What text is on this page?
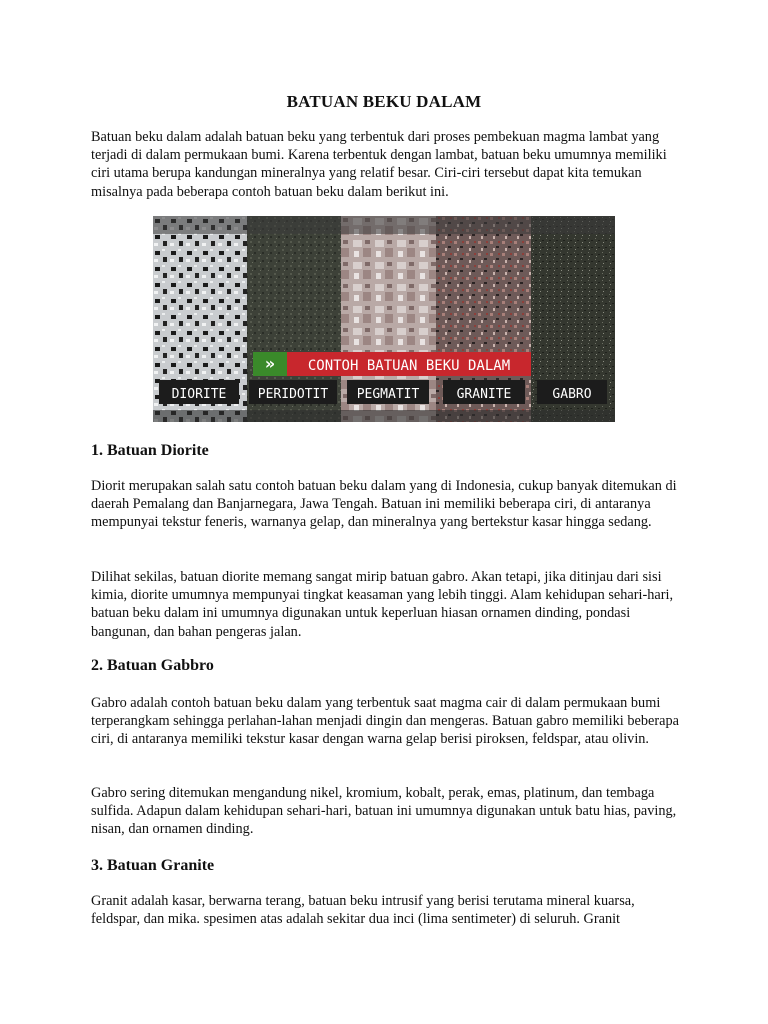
BATUAN BEKU DALAM

Batuan beku dalam adalah batuan beku yang terbentuk dari proses pembekuan magma lambat yang terjadi di dalam permukaan bumi. Karena terbentuk dengan lambat, batuan beku umumnya memiliki ciri utama berupa kandungan mineralnya yang relatif besar. Ciri-ciri tersebut dapat kita temukan misalnya pada beberapa contoh batuan beku dalam berikut ini.

» CONTOH BATUAN BEKU DALAM
DIORITE PERIDOTIT PEGMATIT	GRANITE	GABRO
1. Batuan Diorite

Diorit merupakan salah satu contoh batuan beku dalam yang di Indonesia, cukup banyak ditemukan di daerah Pemalang dan Banjarnegara, Jawa Tengah. Batuan ini memiliki beberapa ciri, di antaranya mempunyai tekstur feneris, warnanya gelap, dan mineralnya yang bertekstur kasar hingga sedang.

Dilihat sekilas, batuan diorite memang sangat mirip batuan gabro. Akan tetapi, jika ditinjau dari sisi kimia, diorite umumnya mempunyai tingkat keasaman yang lebih tinggi. Alam kehidupan sehari-hari, batuan beku dalam ini umumnya digunakan untuk keperluan hiasan ornamen dinding, pondasi bangunan, dan bahan pengeras jalan.

2. Batuan Gabbro

Gabro adalah contoh batuan beku dalam yang terbentuk saat magma cair di dalam permukaan bumi terperangkam sehingga perlahan-lahan menjadi dingin dan mengeras. Batuan gabro memiliki beberapa ciri, di antaranya memiliki tekstur kasar dengan warna gelap berisi piroksen, feldspar, atau olivin.

Gabro sering ditemukan mengandung nikel, kromium, kobalt, perak, emas, platinum, dan tembaga sulfida. Adapun dalam kehidupan sehari-hari, batuan ini umumnya digunakan untuk batu hias, paving, nisan, dan ornamen dinding.

3. Batuan Granite

Granit adalah kasar, berwarna terang, batuan beku intrusif yang berisi terutama mineral kuarsa, feldspar, dan mika. spesimen atas adalah sekitar dua inci (lima sentimeter) di seluruh. Granit
